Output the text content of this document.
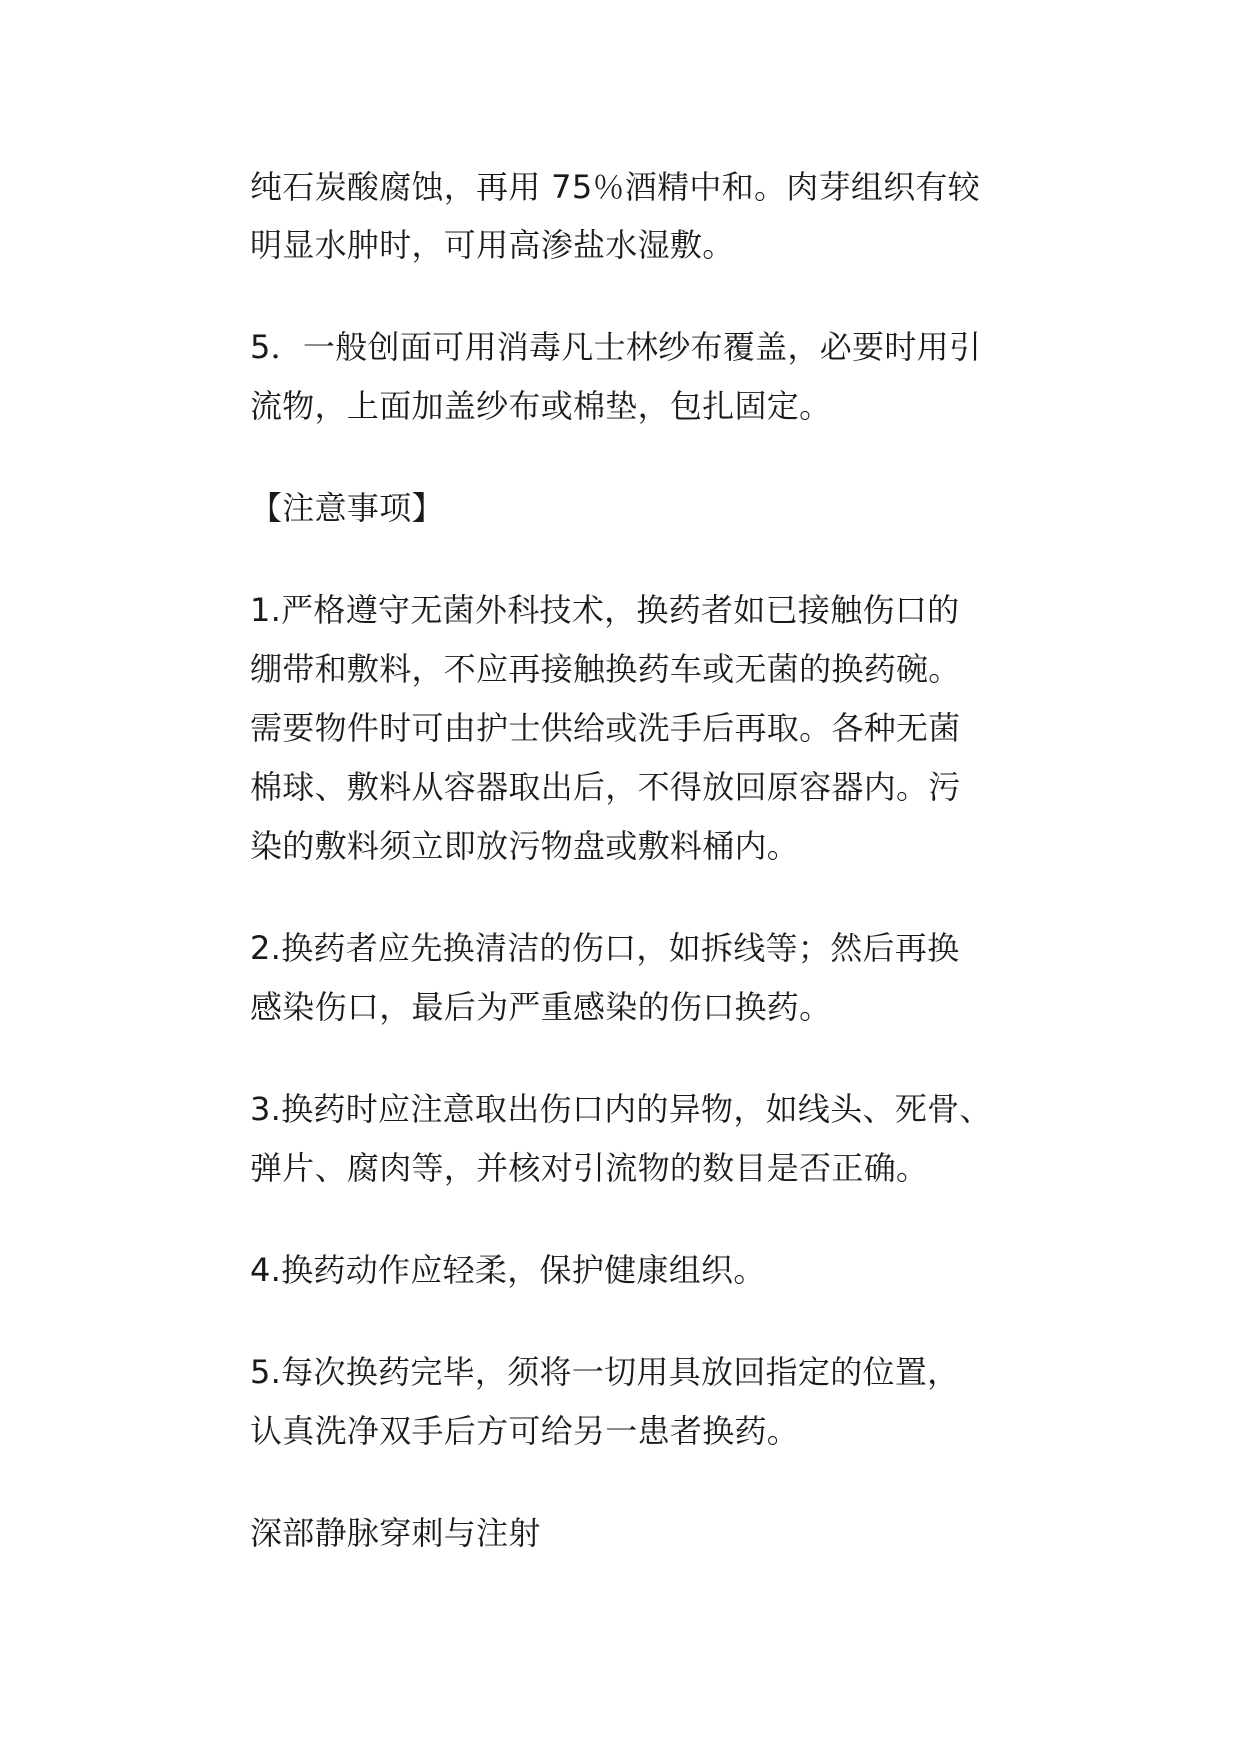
纯石炭酸腐蚀，再用 75％酒精中和。肉芽组织有较
明显水肿时，可用高渗盐水湿敷。
5．一般创面可用消毒凡士林纱布覆盖，必要时用引
流物，上面加盖纱布或棉垫，包扎固定。
【注意事项】
1.严格遵守无菌外科技术，换药者如已接触伤口的
绷带和敷料，不应再接触换药车或无菌的换药碗。
需要物件时可由护士供给或洗手后再取。各种无菌
棉球、敷料从容器取出后，不得放回原容器内。污
染的敷料须立即放污物盘或敷料桶内。
2.换药者应先换清洁的伤口，如拆线等；然后再换
感染伤口，最后为严重感染的伤口换药。
3.换药时应注意取出伤口内的异物，如线头、死骨、
弹片、腐肉等，并核对引流物的数目是否正确。
4.换药动作应轻柔，保护健康组织。
5.每次换药完毕，须将一切用具放回指定的位置，
认真洗净双手后方可给另一患者换药。
深部静脉穿刺与注射
